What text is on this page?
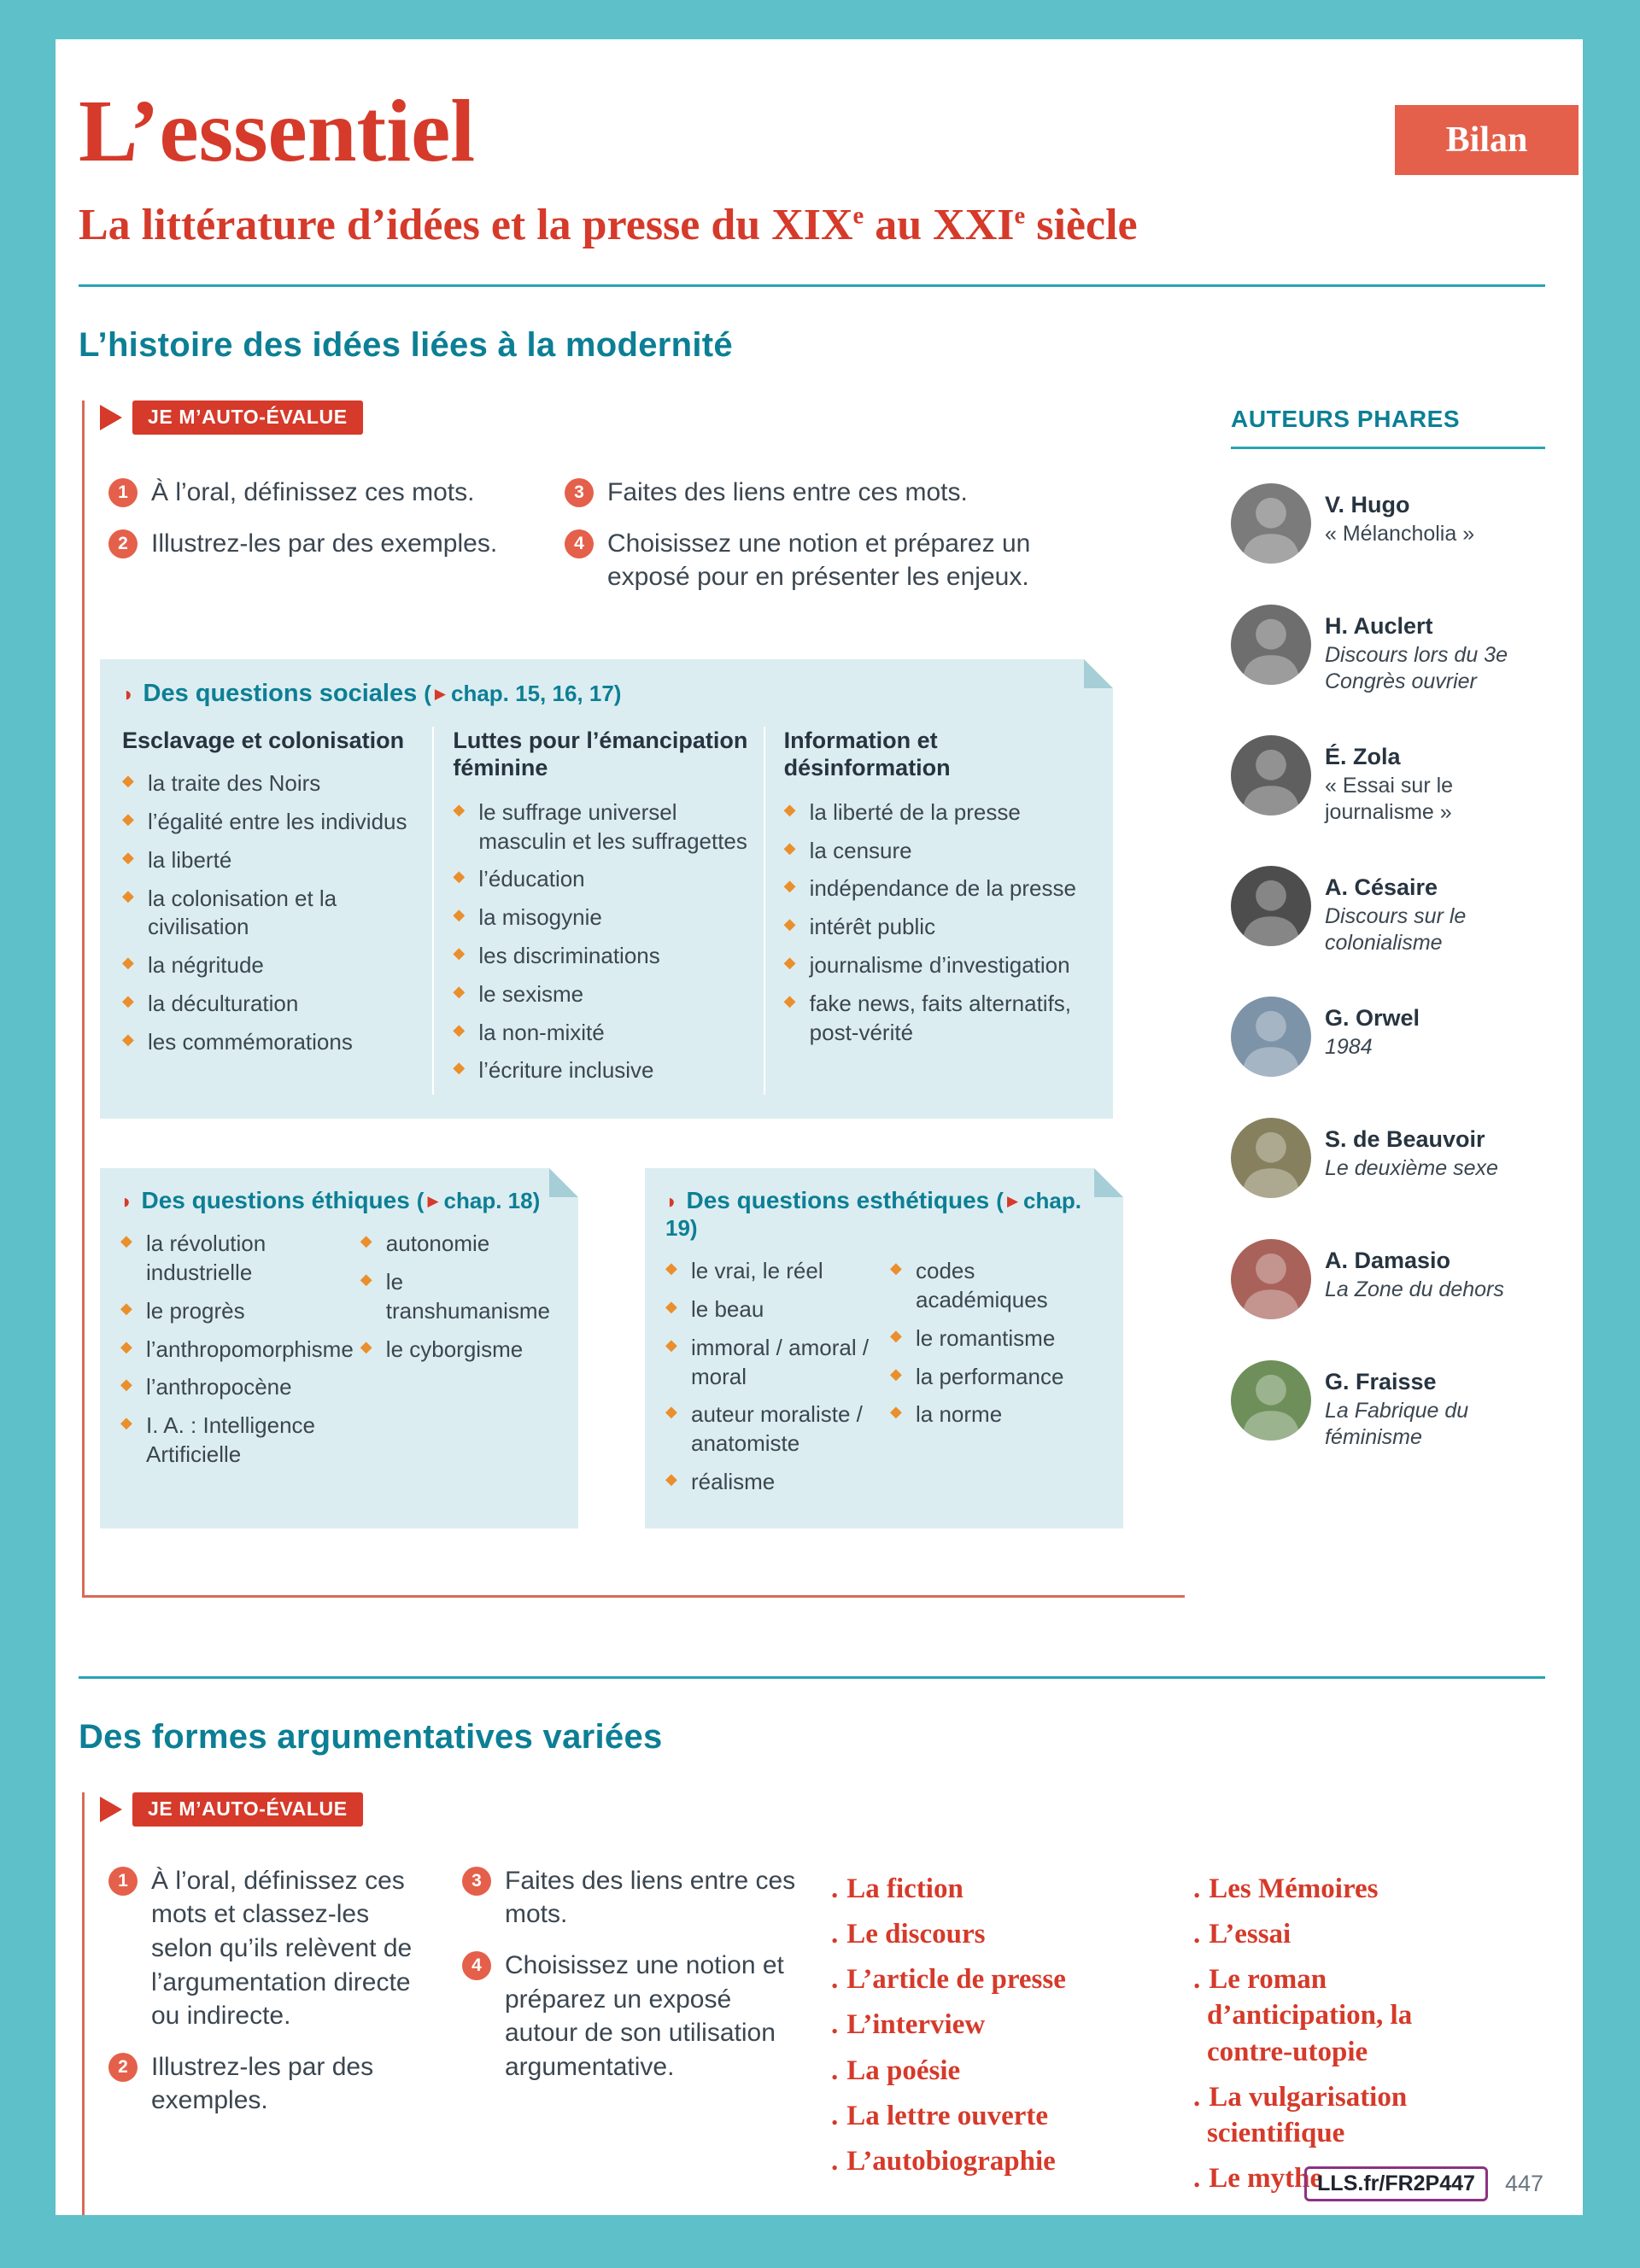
Bilan
L’essentiel
La littérature d’idées et la presse du XIXe au XXIe siècle
L’histoire des idées liées à la modernité
JE M’AUTO-ÉVALUE
1 À l’oral, définissez ces mots.
2 Illustrez-les par des exemples.
3 Faites des liens entre ces mots.
4 Choisissez une notion et préparez un exposé pour en présenter les enjeux.
◗ Des questions sociales ( ▶ chap. 15, 16, 17)
Esclavage et colonisation
◆ la traite des Noirs
◆ l’égalité entre les individus
◆ la liberté
◆ la colonisation et la civilisation
◆ la négritude
◆ la déculturation
◆ les commémorations
Luttes pour l’émancipation féminine
◆ le suffrage universel masculin et les suffragettes
◆ l’éducation
◆ la misogynie
◆ les discriminations
◆ le sexisme
◆ la non-mixité
◆ l’écriture inclusive
Information et désinformation
◆ la liberté de la presse
◆ la censure
◆ indépendance de la presse
◆ intérêt public
◆ journalisme d’investigation
◆ fake news, faits alternatifs, post-vérité
◗ Des questions éthiques ( ▶ chap. 18)
◆ la révolution industrielle
◆ le progrès
◆ l’anthropomorphisme
◆ l’anthropocène
◆ I. A. : Intelligence Artificielle
◆ autonomie
◆ le transhumanisme
◆ le cyborgisme
◗ Des questions esthétiques ( ▶ chap. 19)
◆ le vrai, le réel
◆ le beau
◆ immoral / amoral / moral
◆ auteur moraliste / anatomiste
◆ réalisme
◆ codes académiques
◆ le romantisme
◆ la performance
◆ la norme
AUTEURS PHARES
V. Hugo
« Mélancholia »
H. Auclert
Discours lors du 3e Congrès ouvrier
É. Zola
« Essai sur le journalisme »
A. Césaire
Discours sur le colonialisme
G. Orwel
1984
S. de Beauvoir
Le deuxième sexe
A. Damasio
La Zone du dehors
G. Fraisse
La Fabrique du féminisme
Des formes argumentatives variées
JE M’AUTO-ÉVALUE
1 À l’oral, définissez ces mots et classez-les selon qu’ils relèvent de l’argumentation directe ou indirecte.
2 Illustrez-les par des exemples.
3 Faites des liens entre ces mots.
4 Choisissez une notion et préparez un exposé autour de son utilisation argumentative.
. La fiction
. Le discours
. L’article de presse
. L’interview
. La poésie
. La lettre ouverte
. L’autobiographie
. Les Mémoires
. L’essai
. Le roman d’anticipation, la contre-utopie
. La vulgarisation scientifique
. Le mythe
LLS.fr/FR2P447	447
